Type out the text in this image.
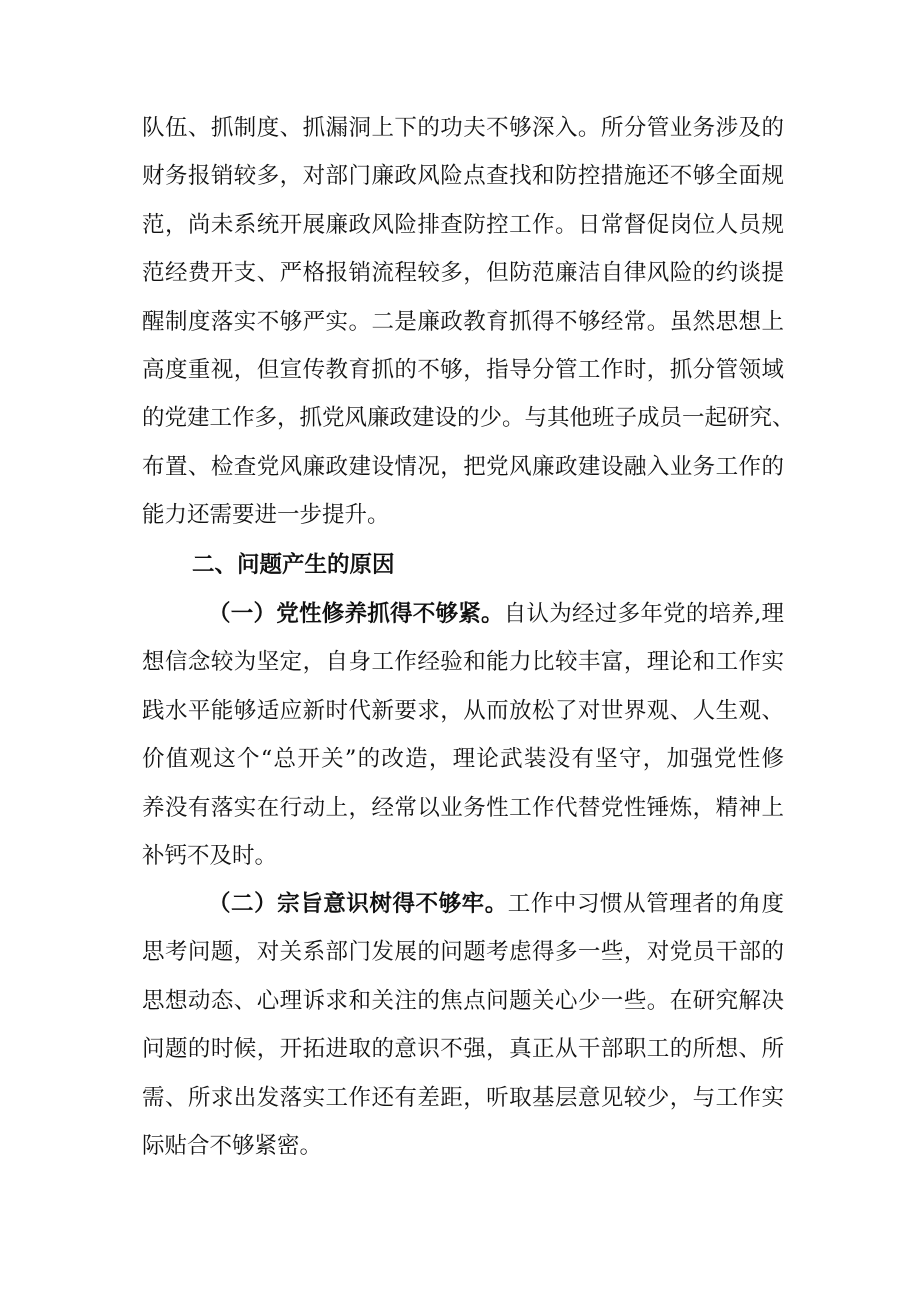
队伍、抓制度、抓漏洞上下的功夫不够深入。所分管业务涉及的
财务报销较多，对部门廉政风险点查找和防控措施还不够全面规
范，尚未系统开展廉政风险排查防控工作。日常督促岗位人员规
范经费开支、严格报销流程较多，但防范廉洁自律风险的约谈提
醒制度落实不够严实。二是廉政教育抓得不够经常。虽然思想上
高度重视，但宣传教育抓的不够，指导分管工作时，抓分管领域
的党建工作多，抓党风廉政建设的少。与其他班子成员一起研究、
布置、检查党风廉政建设情况，把党风廉政建设融入业务工作的
能力还需要进一步提升。
二、问题产生的原因
（一）党性修养抓得不够紧。自认为经过多年党的培养,理
想信念较为坚定，自身工作经验和能力比较丰富，理论和工作实
践水平能够适应新时代新要求，从而放松了对世界观、人生观、
价值观这个“总开关”的改造，理论武装没有坚守，加强党性修
养没有落实在行动上，经常以业务性工作代替党性锤炼，精神上
补钙不及时。
（二）宗旨意识树得不够牢。工作中习惯从管理者的角度
思考问题，对关系部门发展的问题考虑得多一些，对党员干部的
思想动态、心理诉求和关注的焦点问题关心少一些。在研究解决
问题的时候，开拓进取的意识不强，真正从干部职工的所想、所
需、所求出发落实工作还有差距，听取基层意见较少，与工作实
际贴合不够紧密。
